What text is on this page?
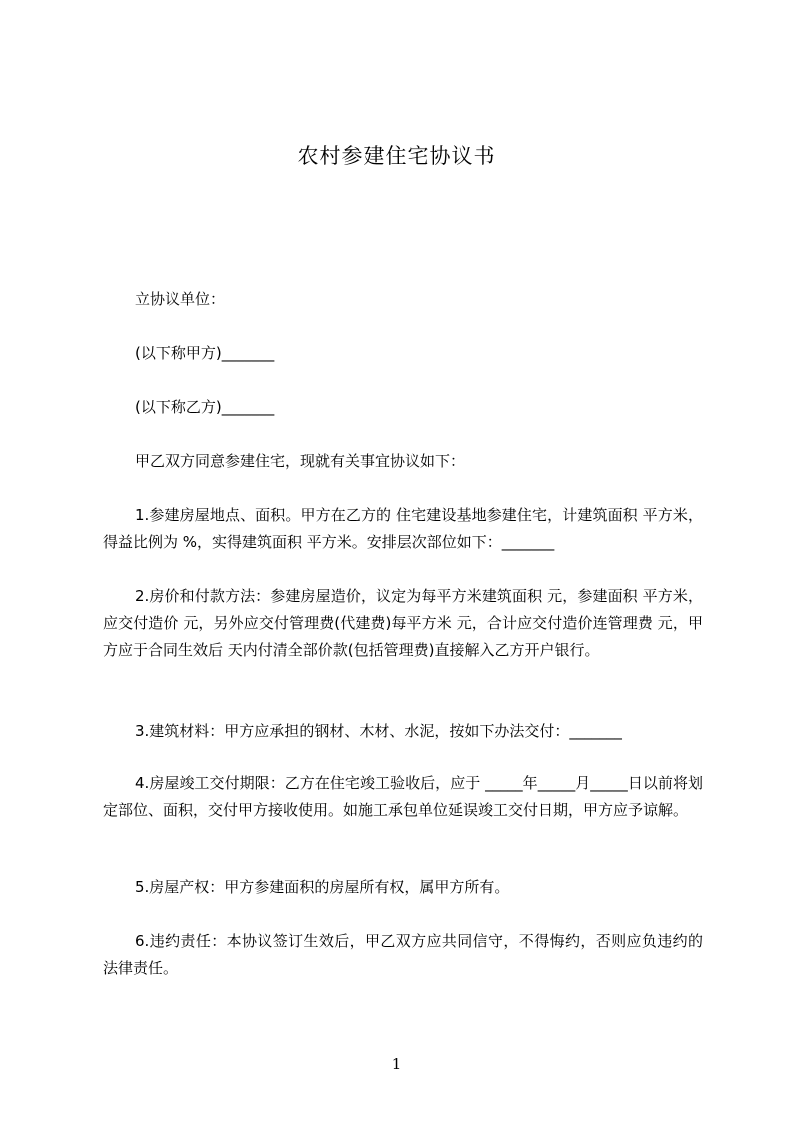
农村参建住宅协议书
立协议单位：
(以下称甲方)_______
(以下称乙方)_______
甲乙双方同意参建住宅，现就有关事宜协议如下：
1.参建房屋地点、面积。甲方在乙方的 住宅建设基地参建住宅，计建筑面积 平方米，得益比例为 %，实得建筑面积 平方米。安排层次部位如下：_______
2.房价和付款方法：参建房屋造价，议定为每平方米建筑面积 元，参建面积 平方米，应交付造价 元，另外应交付管理费(代建费)每平方米 元，合计应交付造价连管理费 元，甲方应于合同生效后 天内付清全部价款(包括管理费)直接解入乙方开户银行。
3.建筑材料：甲方应承担的钢材、木材、水泥，按如下办法交付：_______
4.房屋竣工交付期限：乙方在住宅竣工验收后，应于 _____年_____月_____日以前将划定部位、面积，交付甲方接收使用。如施工承包单位延误竣工交付日期，甲方应予谅解。
5.房屋产权：甲方参建面积的房屋所有权，属甲方所有。
6.违约责任：本协议签订生效后，甲乙双方应共同信守，不得悔约，否则应负违约的法律责任。
1
